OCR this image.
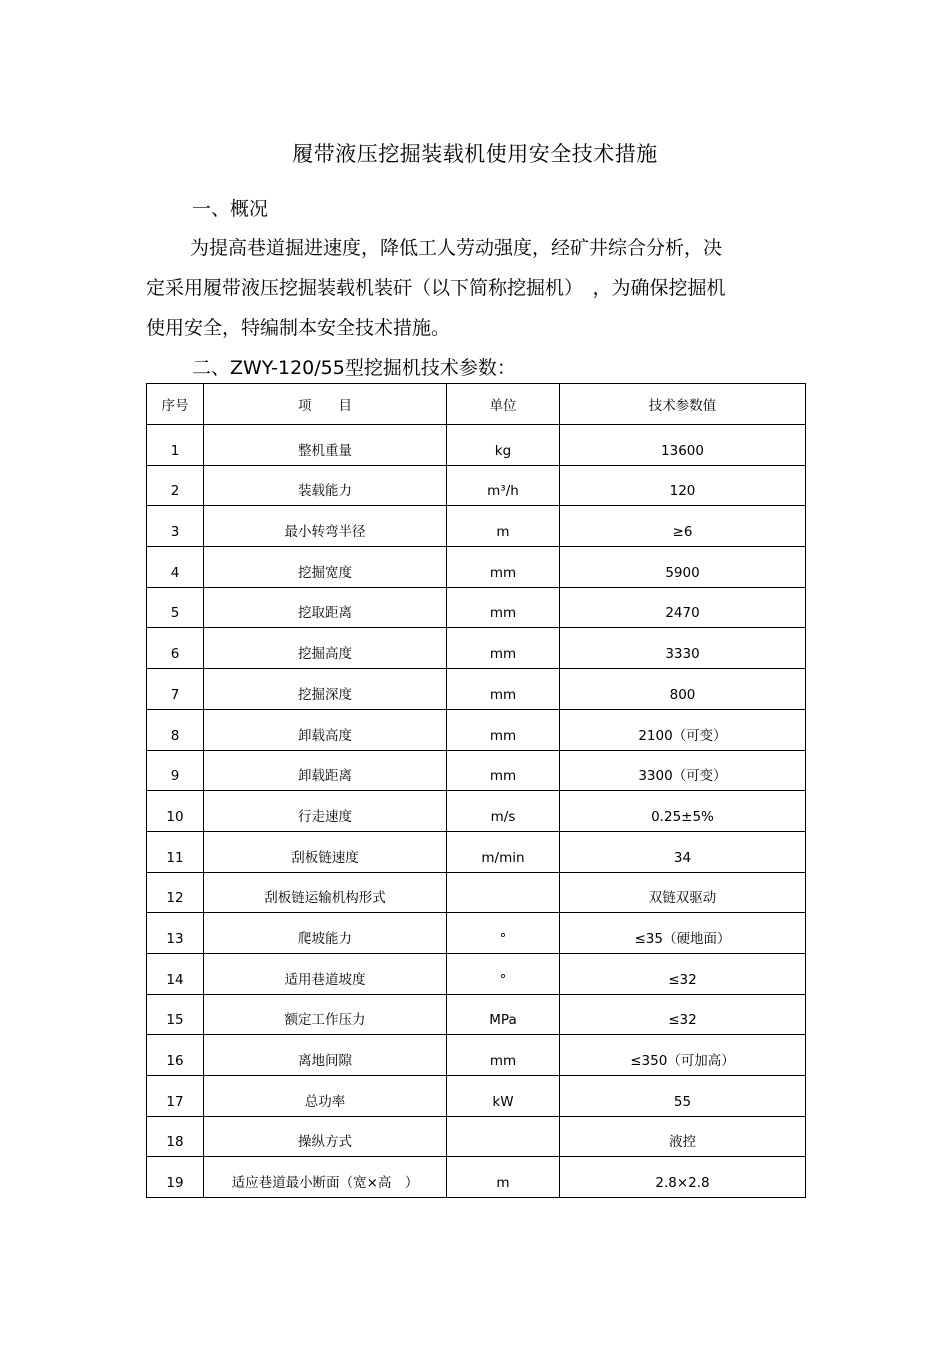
履带液压挖掘装载机使用安全技术措施
一、概况
为提高巷道掘进速度，降低工人劳动强度，经矿井综合分析，决
定采用履带液压挖掘装载机装矸（以下简称挖掘机）　，为确保挖掘机
使用安全，特编制本安全技术措施。
二、ZWY-120/55型挖掘机技术参数：
序号	项　　目	单位	技术参数值
1	整机重量	kg	13600
2	装载能力	m³/h	120
3	最小转弯半径	m	≥6
4	挖掘宽度	mm	5900
5	挖取距离	mm	2470
6	挖掘高度	mm	3330
7	挖掘深度	mm	800
8	卸载高度	mm	2100（可变）
9	卸载距离	mm	3300（可变）
10	行走速度	m/s	0.25±5%
11	刮板链速度	m/min	34
12	刮板链运输机构形式		双链双驱动
13	爬坡能力	°	≤35（硬地面）
14	适用巷道坡度	°	≤32
15	额定工作压力	MPa	≤32
16	离地间隙	mm	≤350（可加高）
17	总功率	kW	55
18	操纵方式		液控
19	适应巷道最小断面（宽×高　）	m	2.8×2.8
